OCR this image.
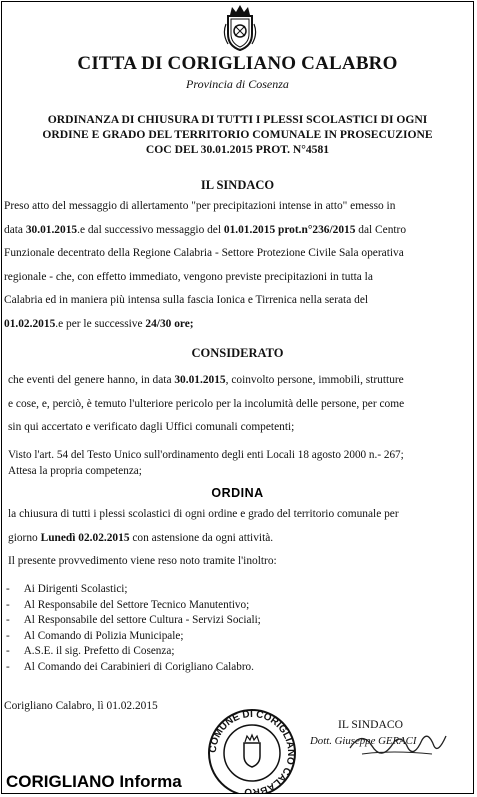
CITTA DI CORIGLIANO CALABRO
Provincia di Cosenza
ORDINANZA DI CHIUSURA DI TUTTI I PLESSI SCOLASTICI DI OGNI
ORDINE E GRADO DEL TERRITORIO COMUNALE IN PROSECUZIONE
COC DEL 30.01.2015 PROT. N°4581
IL SINDACO

Preso atto del messaggio di allertamento "per precipitazioni intense in atto" emesso in

data 30.01.2015.e dal successivo messaggio del 01.01.2015 prot.n°236/2015 dal Centro

Funzionale decentrato della Regione Calabria - Settore Protezione Civile Sala operativa

regionale - che, con effetto immediato, vengono previste precipitazioni in tutta la

Calabria ed in maniera più intensa sulla fascia Ionica e Tirrenica nella serata del

01.02.2015.e per le successive 24/30 ore;

CONSIDERATO

che eventi del genere hanno, in data 30.01.2015, coinvolto persone, immobili, strutture

e cose, e, perciò, è temuto l'ulteriore pericolo per la incolumità delle persone, per come

sin qui accertato e verificato dagli Uffici comunali competenti;

Visto l'art. 54 del Testo Unico sull'ordinamento degli enti Locali 18 agosto 2000 n.- 267;
Attesa la propria competenza;
ORDINA

la chiusura di tutti i plessi scolastici di ogni ordine e grado del territorio comunale per

giorno Lunedì 02.02.2015 con astensione da ogni attività.

Il presente provvedimento viene reso noto tramite l'inoltro:

-     Ai Dirigenti Scolastici;

-     Al Responsabile del Settore Tecnico Manutentivo;

-     Al Responsabile del settore Cultura - Servizi Sociali;

-     Al Comando di Polizia Municipale;

-     A.S.E. il sig. Prefetto di Cosenza;

-     Al Comando dei Carabinieri di Corigliano Calabro.

Corigliano Calabro, lì 01.02.2015
COMUNE DI CORIGLIANO CALABRO
IL SINDACO
Dott. Giuseppe GERACI
CORIGLIANO Informa
